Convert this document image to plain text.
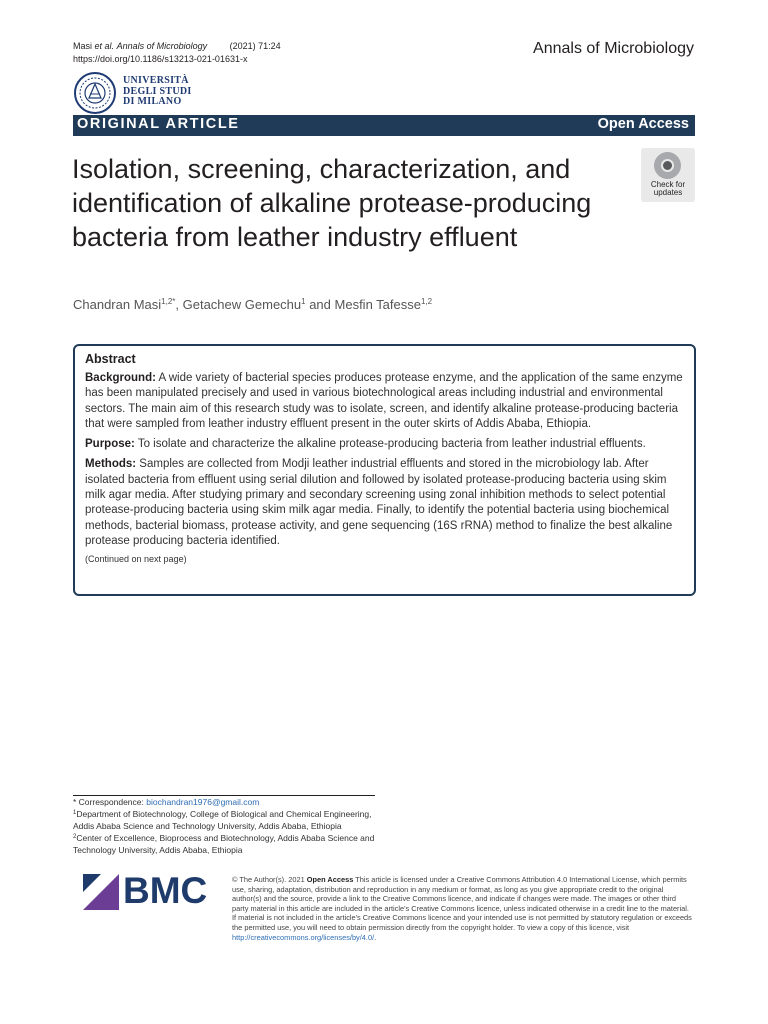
Masi et al. Annals of Microbiology	(2021) 71:24
https://doi.org/10.1186/s13213-021-01631-x
Annals of Microbiology
UNIVERSITÀ
DEGLI STUDI
DI MILANO
ORIGINAL ARTICLE	Open Access
Isolation, screening, characterization, and identification of alkaline protease-producing bacteria from leather industry effluent
Check for
updates
Chandran Masi$^{1,2*}$, Getachew Gemechu$^1$ and Mesfin Tafesse$^{1,2}$
Abstract

Background: A wide variety of bacterial species produces protease enzyme, and the application of the same enzyme has been manipulated precisely and used in various biotechnological areas including industrial and environmental sectors. The main aim of this research study was to isolate, screen, and identify alkaline protease-producing bacteria that were sampled from leather industry effluent present in the outer skirts of Addis Ababa, Ethiopia.

Purpose: To isolate and characterize the alkaline protease-producing bacteria from leather industrial effluents.

Methods: Samples are collected from Modji leather industrial effluents and stored in the microbiology lab. After isolated bacteria from effluent using serial dilution and followed by isolated protease-producing bacteria using skim milk agar media. After studying primary and secondary screening using zonal inhibition methods to select potential protease-producing bacteria using skim milk agar media. Finally, to identify the potential bacteria using biochemical methods, bacterial biomass, protease activity, and gene sequencing (16S rRNA) method to finalize the best alkaline protease producing bacteria identified.

(Continued on next page)
* Correspondence: biochandran1976@gmail.com
$^1$Department of Biotechnology, College of Biological and Chemical Engineering, Addis Ababa Science and Technology University, Addis Ababa, Ethiopia
$^2$Center of Excellence, Bioprocess and Biotechnology, Addis Ababa Science and Technology University, Addis Ababa, Ethiopia
BMC	© The Author(s). 2021 Open Access This article is licensed under a Creative Commons Attribution 4.0 International License, which permits use, sharing, adaptation, distribution and reproduction in any medium or format, as long as you give appropriate credit to the original author(s) and the source, provide a link to the Creative Commons licence, and indicate if changes were made. The images or other third party material in this article are included in the article's Creative Commons licence, unless indicated otherwise in a credit line to the material. If material is not included in the article's Creative Commons licence and your intended use is not permitted by statutory regulation or exceeds the permitted use, you will need to obtain permission directly from the copyright holder. To view a copy of this licence, visit http://creativecommons.org/licenses/by/4.0/.
